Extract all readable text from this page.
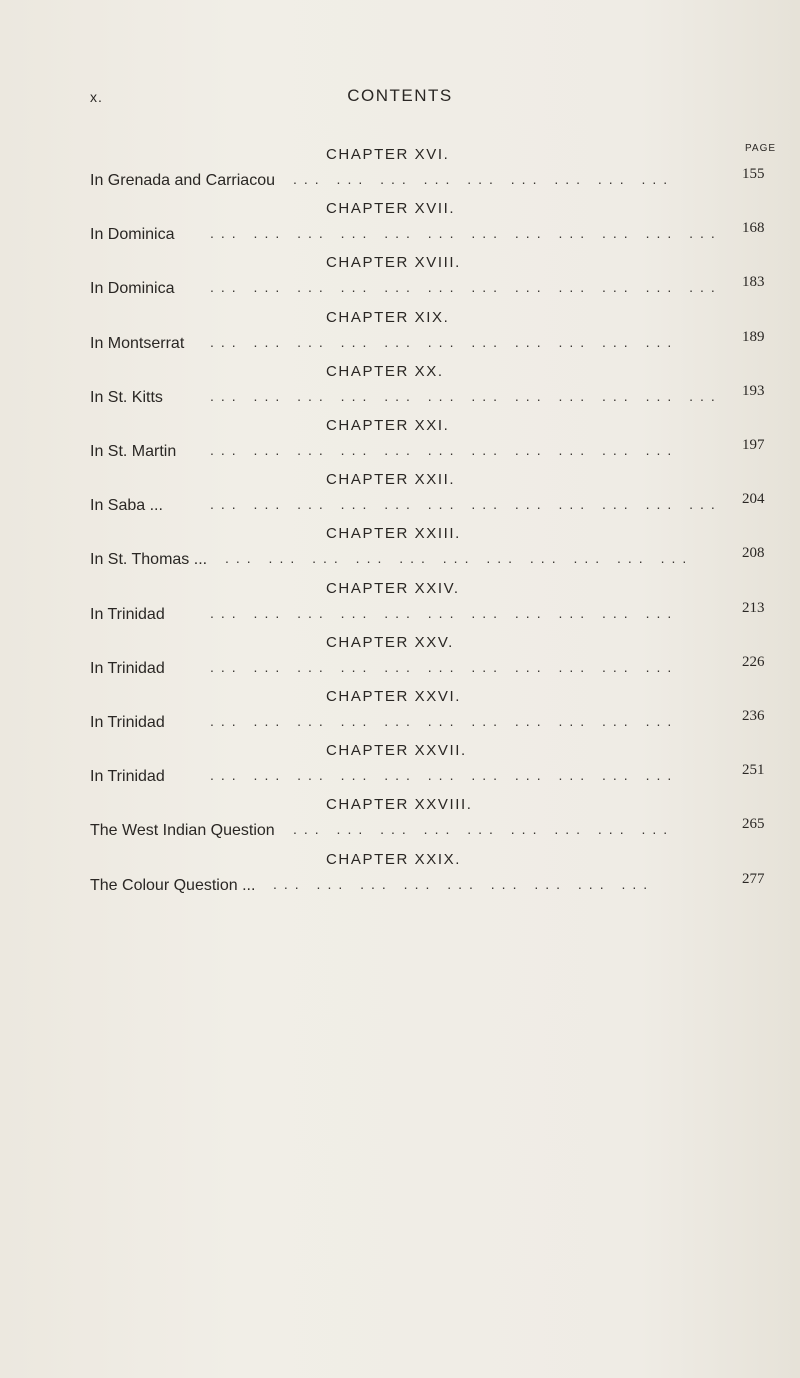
x.	CONTENTS
PAGE
CHAPTER XVI.
In Grenada and Carriacou ... ... ... ... ... ... ... ... ...	155
CHAPTER XVII.
In Dominica	... ... ... ... ... ... ... ... ... ... ... ... 168
CHAPTER XVIII.
In Dominica	... ... ... ... ... ... ... ... ... ... ... ... 183
CHAPTER XIX.
In Montserrat ... ... ... ... ... ... ... ... ... ... ...	189
CHAPTER XX.
In St. Kitts	... ... ... ... ... ... ... ... ... ... ... ... 193
CHAPTER XXI.
In St. Martin ... ... ... ... ... ... ... ... ... ... ...	197
CHAPTER XXII.
In Saba ...	... ... ... ... ... ... ... ... ... ... ... ... 204
CHAPTER XXIII.
In St. Thomas ... ... ... ... ... ... ... ... ... ... ... ...	208
CHAPTER XXIV.
In Trinidad	... ... ... ... ... ... ... ... ... ... ...	213
CHAPTER XXV.
In Trinidad	... ... ... ... ... ... ... ... ... ... ...	226
CHAPTER XXVI.
In Trinidad	... ... ... ... ... ... ... ... ... ... ...	236
CHAPTER XXVII.
In Trinidad	... ... ... ... ... ... ... ... ... ... ...	251
CHAPTER XXVIII.
The West Indian Question ... ... ... ... ... ... ... ... ...	265
CHAPTER XXIX.
The Colour Question ... ... ... ... ... ... ... ... ... ...	277
